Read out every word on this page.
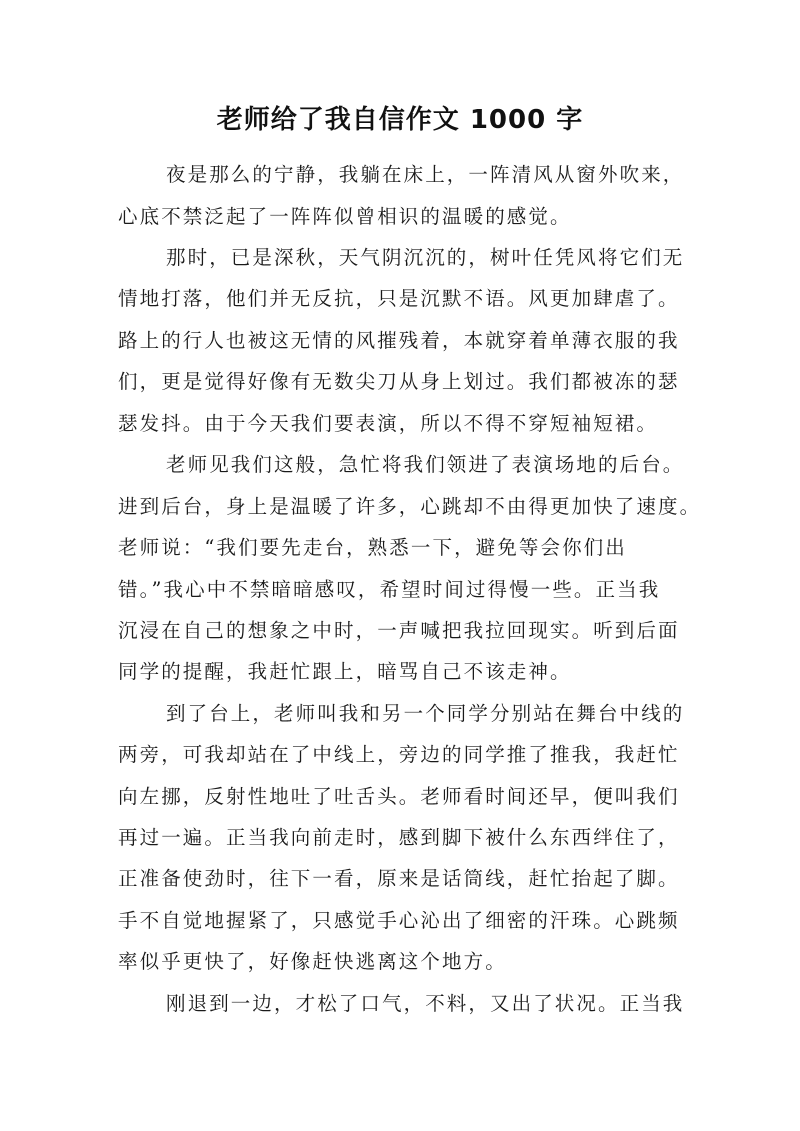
老师给了我自信作文 1000 字
夜是那么的宁静，我躺在床上，一阵清风从窗外吹来，
心底不禁泛起了一阵阵似曾相识的温暖的感觉。
那时，已是深秋，天气阴沉沉的，树叶任凭风将它们无
情地打落，他们并无反抗，只是沉默不语。风更加肆虐了。
路上的行人也被这无情的风摧残着，本就穿着单薄衣服的我
们，更是觉得好像有无数尖刀从身上划过。我们都被冻的瑟
瑟发抖。由于今天我们要表演，所以不得不穿短袖短裙。
老师见我们这般，急忙将我们领进了表演场地的后台。
进到后台，身上是温暖了许多，心跳却不由得更加快了速度。
老师说：“我们要先走台，熟悉一下，避免等会你们出
错。”我心中不禁暗暗感叹，希望时间过得慢一些。正当我
沉浸在自己的想象之中时，一声喊把我拉回现实。听到后面
同学的提醒，我赶忙跟上，暗骂自己不该走神。
到了台上，老师叫我和另一个同学分别站在舞台中线的
两旁，可我却站在了中线上，旁边的同学推了推我，我赶忙
向左挪，反射性地吐了吐舌头。老师看时间还早，便叫我们
再过一遍。正当我向前走时，感到脚下被什么东西绊住了，
正准备使劲时，往下一看，原来是话筒线，赶忙抬起了脚。
手不自觉地握紧了，只感觉手心沁出了细密的汗珠。心跳频
率似乎更快了，好像赶快逃离这个地方。
刚退到一边，才松了口气，不料，又出了状况。正当我
